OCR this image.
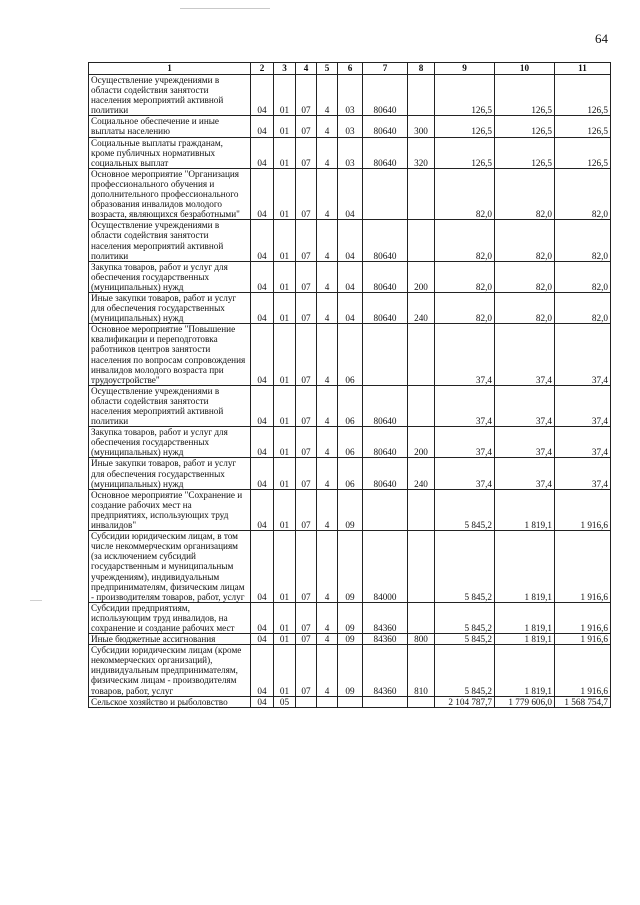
64
1	2	3	4	5	6	7	8	9	10	11
Осуществление учреждениями в области содействия занятости населения мероприятий активной политики	04	01	07	4	03	80640		126,5	126,5	126,5
Социальное обеспечение и иные выплаты населению	04	01	07	4	03	80640	300	126,5	126,5	126,5
Социальные выплаты гражданам, кроме публичных нормативных социальных выплат	04	01	07	4	03	80640	320	126,5	126,5	126,5
Основное мероприятие "Организация профессионального обучения и дополнительного профессионального образования инвалидов молодого возраста, являющихся безработными"	04	01	07	4	04			82,0	82,0	82,0
Осуществление учреждениями в области содействия занятости населения мероприятий активной политики	04	01	07	4	04	80640		82,0	82,0	82,0
Закупка товаров, работ и услуг для обеспечения государственных (муниципальных) нужд	04	01	07	4	04	80640	200	82,0	82,0	82,0
Иные закупки товаров, работ и услуг для обеспечения государственных (муниципальных) нужд	04	01	07	4	04	80640	240	82,0	82,0	82,0
Основное мероприятие "Повышение квалификации и переподготовка работников центров занятости населения по вопросам сопровождения инвалидов молодого возраста при трудоустройстве"	04	01	07	4	06			37,4	37,4	37,4
Осуществление учреждениями в области содействия занятости населения мероприятий активной политики	04	01	07	4	06	80640		37,4	37,4	37,4
Закупка товаров, работ и услуг для обеспечения государственных (муниципальных) нужд	04	01	07	4	06	80640	200	37,4	37,4	37,4
Иные закупки товаров, работ и услуг для обеспечения государственных (муниципальных) нужд	04	01	07	4	06	80640	240	37,4	37,4	37,4
Основное мероприятие "Сохранение и создание рабочих мест на предприятиях, использующих труд инвалидов"	04	01	07	4	09			5 845,2	1 819,1	1 916,6
Субсидии юридическим лицам, в том числе некоммерческим организациям (за исключением субсидий государственным и муниципальным учреждениям), индивидуальным предпринимателям, физическим лицам - производителям товаров, работ, услуг	04	01	07	4	09	84000		5 845,2	1 819,1	1 916,6
Субсидии предприятиям, использующим труд инвалидов, на сохранение и создание рабочих мест	04	01	07	4	09	84360		5 845,2	1 819,1	1 916,6
Иные бюджетные ассигнования	04	01	07	4	09	84360	800	5 845,2	1 819,1	1 916,6
Субсидии юридическим лицам (кроме некоммерческих организаций), индивидуальным предпринимателям, физическим лицам - производителям товаров, работ, услуг	04	01	07	4	09	84360	810	5 845,2	1 819,1	1 916,6
Сельское хозяйство и рыболовство	04	05						2 104 787,7	1 779 606,0	1 568 754,7
